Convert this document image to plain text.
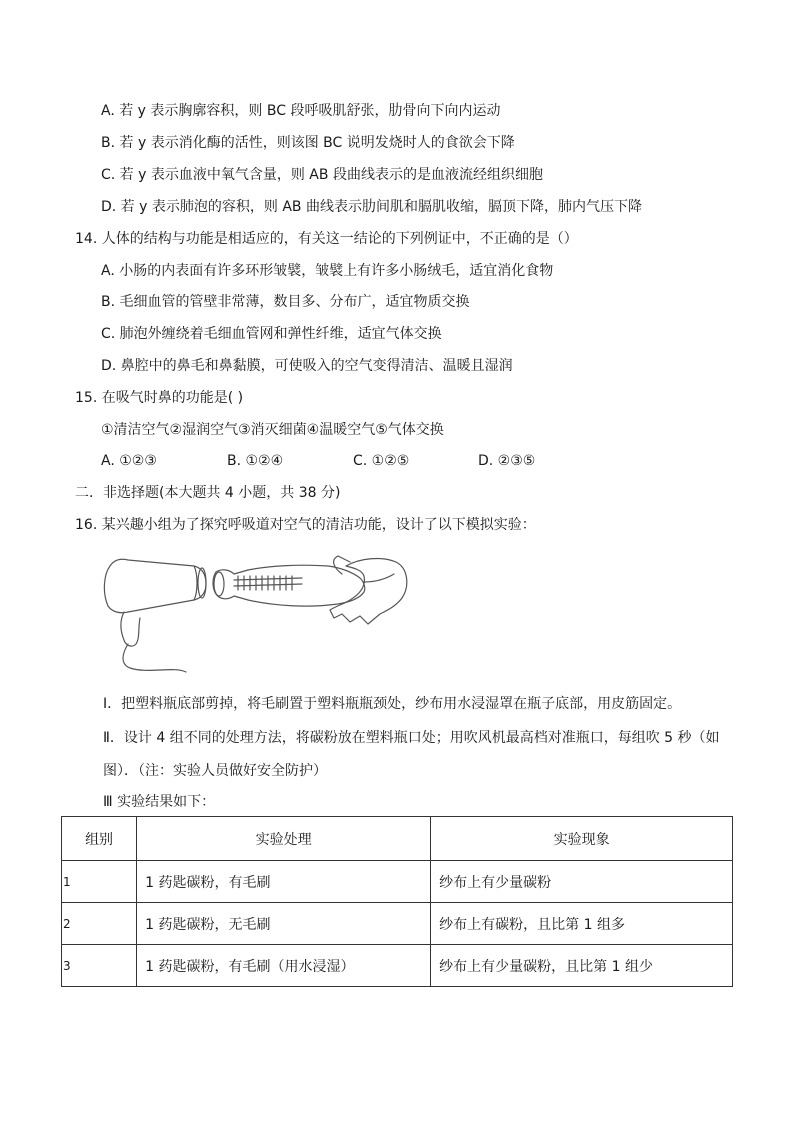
A. 若 y 表示胸廓容积，则 BC 段呼吸肌舒张，肋骨向下向内运动
B. 若 y 表示消化酶的活性，则该图 BC 说明发烧时人的食欲会下降
C. 若 y 表示血液中氧气含量，则 AB 段曲线表示的是血液流经组织细胞
D. 若 y 表示肺泡的容积，则 AB 曲线表示肋间肌和膈肌收缩，膈顶下降，肺内气压下降
14. 人体的结构与功能是相适应的，有关这一结论的下列例证中，不正确的是（）
A. 小肠的内表面有许多环形皱襞，皱襞上有许多小肠绒毛，适宜消化食物
B. 毛细血管的管壁非常薄，数目多、分布广，适宜物质交换
C. 肺泡外缠绕着毛细血管网和弹性纤维，适宜气体交换
D. 鼻腔中的鼻毛和鼻黏膜，可使吸入的空气变得清洁、温暖且湿润
15. 在吸气时鼻的功能是( )
①清洁空气②湿润空气③消灭细菌④温暖空气⑤气体交换
A. ①②③	B. ①②④	C. ①②⑤	D. ②③⑤
二．非选择题(本大题共 4 小题，共 38 分)
16. 某兴趣小组为了探究呼吸道对空气的清洁功能，设计了以下模拟实验：
Ⅰ．把塑料瓶底部剪掉，将毛刷置于塑料瓶瓶颈处，纱布用水浸湿罩在瓶子底部，用皮筋固定。
Ⅱ．设计 4 组不同的处理方法，将碳粉放在塑料瓶口处；用吹风机最高档对准瓶口，每组吹 5 秒（如
图）．（注：实验人员做好安全防护）
Ⅲ 实验结果如下：
组别	实验处理	实验现象
1	1 药匙碳粉，有毛刷	纱布上有少量碳粉
2	1 药匙碳粉，无毛刷	纱布上有碳粉，且比第 1 组多
3	1 药匙碳粉，有毛刷（用水浸湿）	纱布上有少量碳粉，且比第 1 组少
